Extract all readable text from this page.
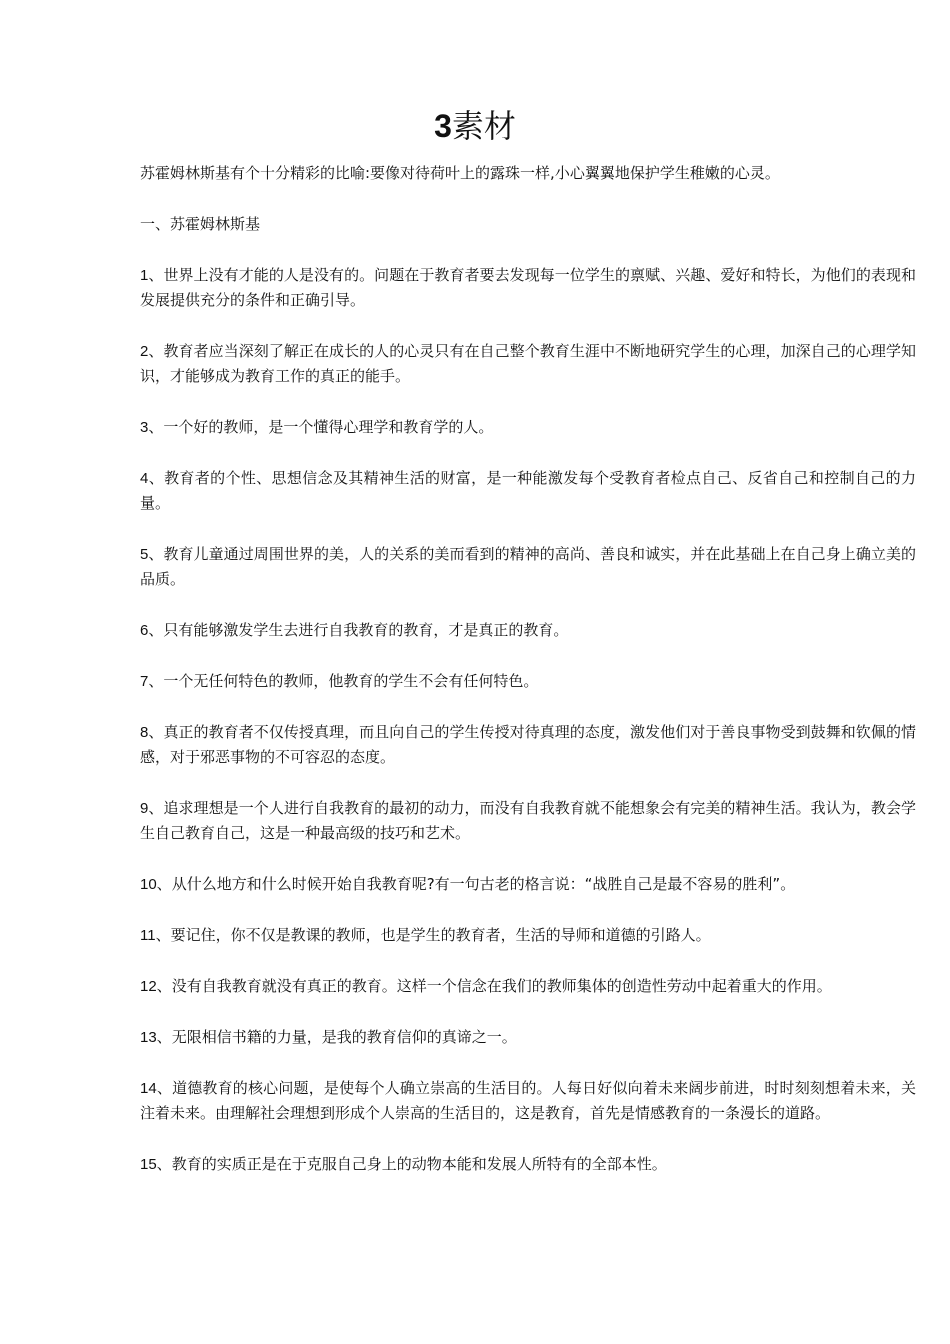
3素材

苏霍姆林斯基有个十分精彩的比喻:要像对待荷叶上的露珠一样,小心翼翼地保护学生稚嫩的心灵。

一、苏霍姆林斯基

1、世界上没有才能的人是没有的。问题在于教育者要去发现每一位学生的禀赋、兴趣、爱好和特长，为他们的表现和发展提供充分的条件和正确引导。

2、教育者应当深刻了解正在成长的人的心灵只有在自己整个教育生涯中不断地研究学生的心理，加深自己的心理学知识，才能够成为教育工作的真正的能手。

3、一个好的教师，是一个懂得心理学和教育学的人。

4、教育者的个性、思想信念及其精神生活的财富，是一种能激发每个受教育者检点自己、反省自己和控制自己的力量。

5、教育儿童通过周围世界的美，人的关系的美而看到的精神的高尚、善良和诚实，并在此基础上在自己身上确立美的品质。

6、只有能够激发学生去进行自我教育的教育，才是真正的教育。

7、一个无任何特色的教师，他教育的学生不会有任何特色。

8、真正的教育者不仅传授真理，而且向自己的学生传授对待真理的态度，激发他们对于善良事物受到鼓舞和钦佩的情感，对于邪恶事物的不可容忍的态度。

9、追求理想是一个人进行自我教育的最初的动力，而没有自我教育就不能想象会有完美的精神生活。我认为，教会学生自己教育自己，这是一种最高级的技巧和艺术。

10、从什么地方和什么时候开始自我教育呢?有一句古老的格言说：“战胜自己是最不容易的胜利”。

11、要记住，你不仅是教课的教师，也是学生的教育者，生活的导师和道德的引路人。

12、没有自我教育就没有真正的教育。这样一个信念在我们的教师集体的创造性劳动中起着重大的作用。

13、无限相信书籍的力量，是我的教育信仰的真谛之一。

14、道德教育的核心问题，是使每个人确立崇高的生活目的。人每日好似向着未来阔步前进，时时刻刻想着未来，关注着未来。由理解社会理想到形成个人崇高的生活目的，这是教育，首先是情感教育的一条漫长的道路。

15、教育的实质正是在于克服自己身上的动物本能和发展人所特有的全部本性。
